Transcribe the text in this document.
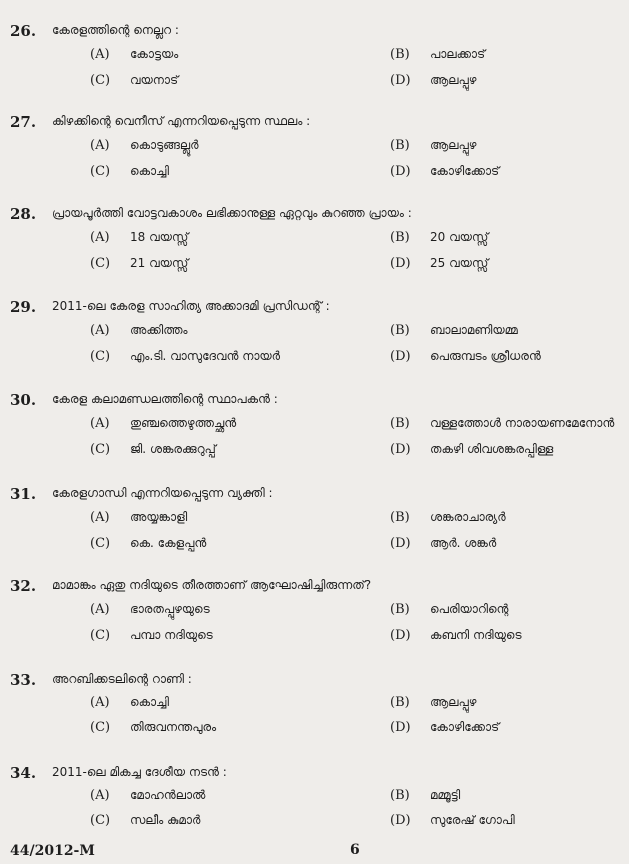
26. കേരളത്തിന്റെ നെല്ലറ :
(A) കോട്ടയം	(B) പാലക്കാട്
(C) വയനാട്	(D) ആലപ്പുഴ
27. കിഴക്കിന്റെ വെനീസ് എന്നറിയപ്പെടുന്ന സ്ഥലം :
(A) കൊടുങ്ങല്ലൂർ	(B) ആലപ്പുഴ
(C) കൊച്ചി	(D) കോഴിക്കോട്
28. പ്രായപൂർത്തി വോട്ടവകാശം ലഭിക്കാനുള്ള ഏറ്റവും കുറഞ്ഞ പ്രായം :
(A) 18 വയസ്സ്	(B) 20 വയസ്സ്
(C) 21 വയസ്സ്	(D) 25 വയസ്സ്
29. 2011-ലെ കേരള സാഹിത്യ അക്കാദമി പ്രസിഡന്റ് :
(A) അക്കിത്തം	(B) ബാലാമണിയമ്മ
(C) എം.ടി. വാസുദേവൻ നായർ	(D) പെരുമ്പടം ശ്രീധരൻ
30. കേരള കലാമണ്ഡലത്തിന്റെ സ്ഥാപകൻ :
(A) തുഞ്ചത്തെഴുത്തച്ഛൻ	(B) വള്ളത്തോൾ നാരായണമേനോൻ
(C) ജി. ശങ്കരക്കുറുപ്പ്	(D) തകഴി ശിവശങ്കരപ്പിള്ള
31. കേരളഗാന്ധി എന്നറിയപ്പെടുന്ന വ്യക്തി :
(A) അയ്യങ്കാളി	(B) ശങ്കരാചാര്യർ
(C) കെ. കേളപ്പൻ	(D) ആർ. ശങ്കർ
32. മാമാങ്കം ഏതു നദിയുടെ തീരത്താണ് ആഘോഷിച്ചിരുന്നത്?
(A) ഭാരതപ്പുഴയുടെ	(B) പെരിയാറിന്റെ
(C) പമ്പാ നദിയുടെ	(D) കബനി നദിയുടെ
33. അറബിക്കടലിന്റെ റാണി :
(A) കൊച്ചി	(B) ആലപ്പുഴ
(C) തിരുവനന്തപുരം	(D) കോഴിക്കോട്
34. 2011-ലെ മികച്ച ദേശീയ നടൻ :
(A) മോഹൻലാൽ	(B) മമ്മൂട്ടി
(C) സലീം കുമാർ	(D) സുരേഷ് ഗോപി
44/2012-M	6
